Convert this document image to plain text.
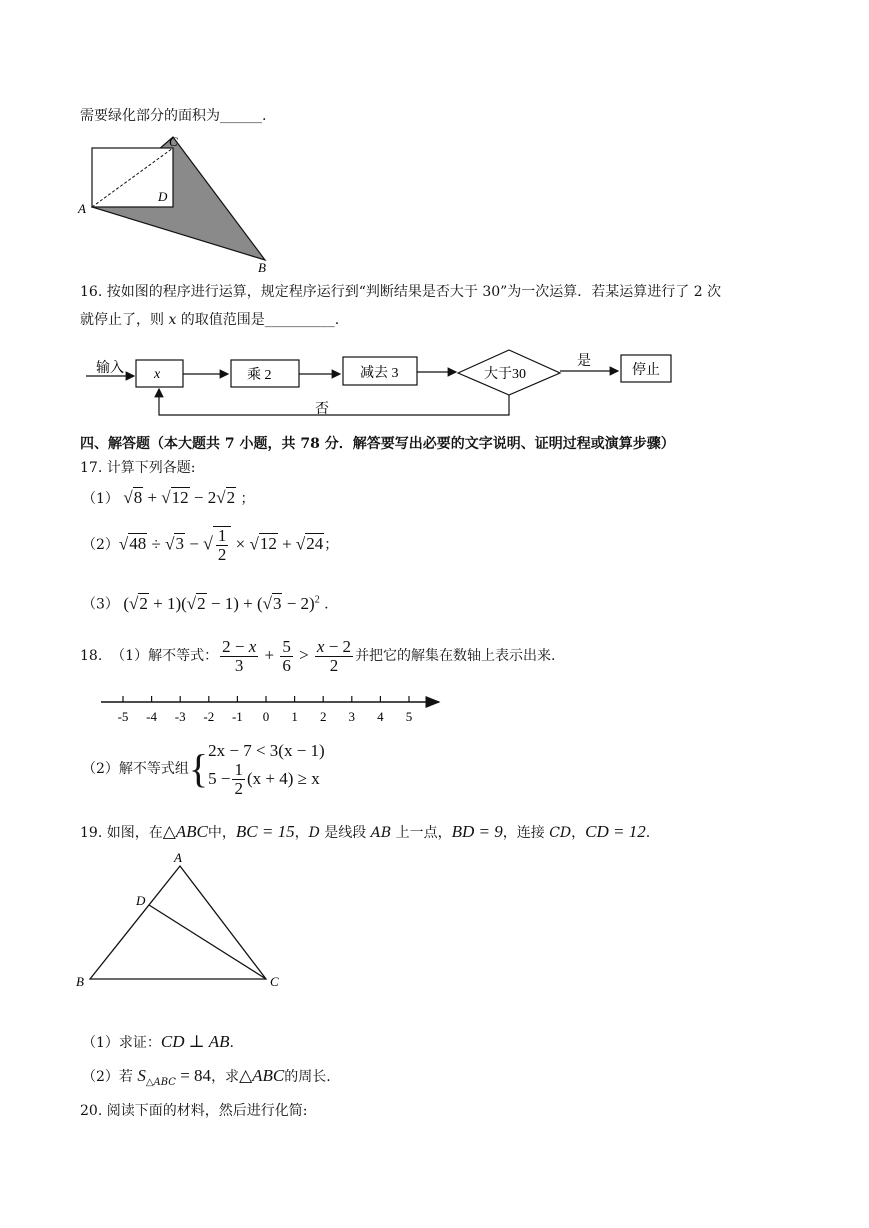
需要绿化部分的面积为______.
C
A
D
B
16. 按如图的程序进行运算，规定程序运行到“判断结果是否大于 30”为一次运算．若某运算进行了 2 次
就停止了，则 x 的取值范围是__________.
输入 x	乘 2	减去 3	大于30
是
停止
否
四、解答题（本大题共 7 小题，共 78 分．解答要写出必要的文字说明、证明过程或演算步骤）
17. 计算下列各题:
（1） √8 + √12 − 2√2 ；
（2） √48 ÷ √3 − √ $\frac{1}{2} \times √12 + √24$ ；
（3） $(√2 + 1)(√2 - 1) + (√3 - 2)^2$ .
18.
（1）解不等式： $\frac{2 - x}{3} + \frac{5}{6} > \frac{x - 2}{2}$ 并把它的解集在数轴上表示出来.
-5 -4 -3 -2 -1 0 1 2 3 4 5
（2）解不等式组 { 2x − 7 < 3(x − 1)
$5 - \frac{1}{2} (x + 4) \ge x$
19. 如图，在△ABC中，BC = 15，D 是线段 AB 上一点，BD = 9，连接 CD，CD = 12.
A
D
B	C
（1）求证：CD ⊥ AB.
（2）若 $S_{\triangle ABC} = 84$，求△ABC的周长.
20. 阅读下面的材料，然后进行化简:
